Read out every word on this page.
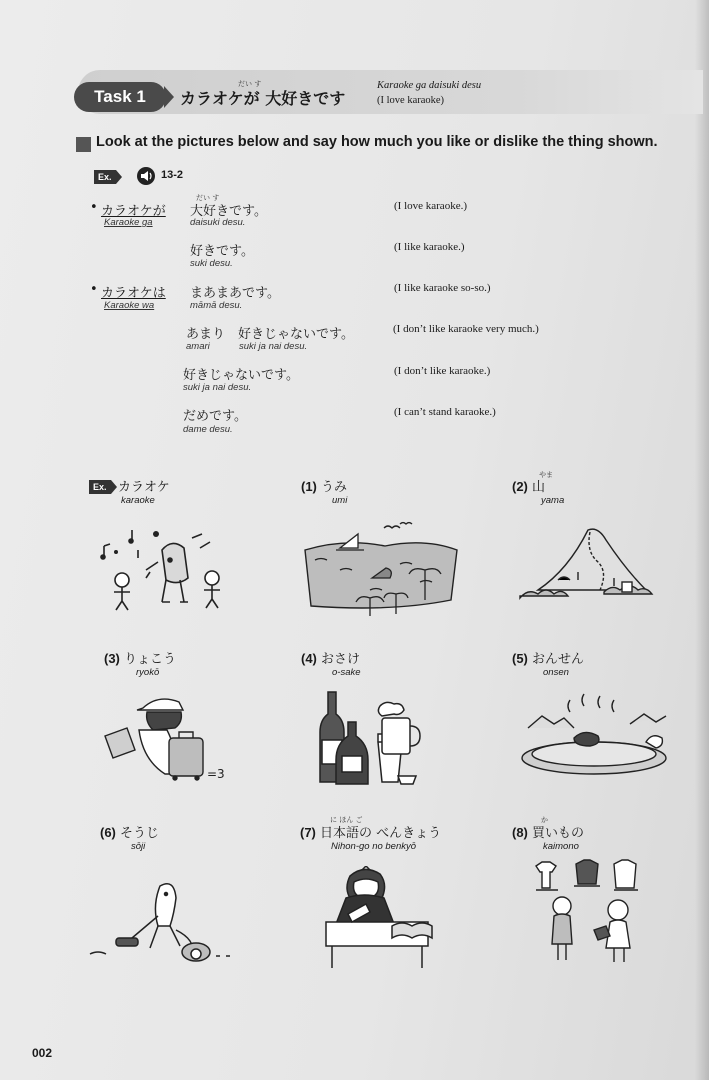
Task 1
だい す
カラオケが 大好きです
Karaoke ga daisuki desu
(I love karaoke)
Look at the pictures below and say how much you like or dislike the thing shown.
Ex.	13-2
• カラオケが
Karaoke ga
だい す
大好きです。
daisuki desu.
(I love karaoke.)
好きです。
suki desu.
(I like karaoke.)
• カラオケは
Karaoke wa
まあまあです。
māmā desu.
(I like karaoke so-so.)
あまり　好きじゃないです。
amari	suki ja nai desu.
(I don’t like karaoke very much.)
好きじゃないです。
suki ja nai desu.
(I don’t like karaoke.)
だめです。
dame desu.
(I can’t stand karaoke.)
Ex. カラオケ
karaoke
(1) うみ
umi
やま
(2) 山
yama
(3) りょこう
ryokō
=3
(4) おさけ
o-sake
(5) おんせん
onsen
(6) そうじ
sōji
に ほん ご
(7) 日本語の べんきょう
Nihon-go no benkyō
か
(8) 買いもの
kaimono
002
